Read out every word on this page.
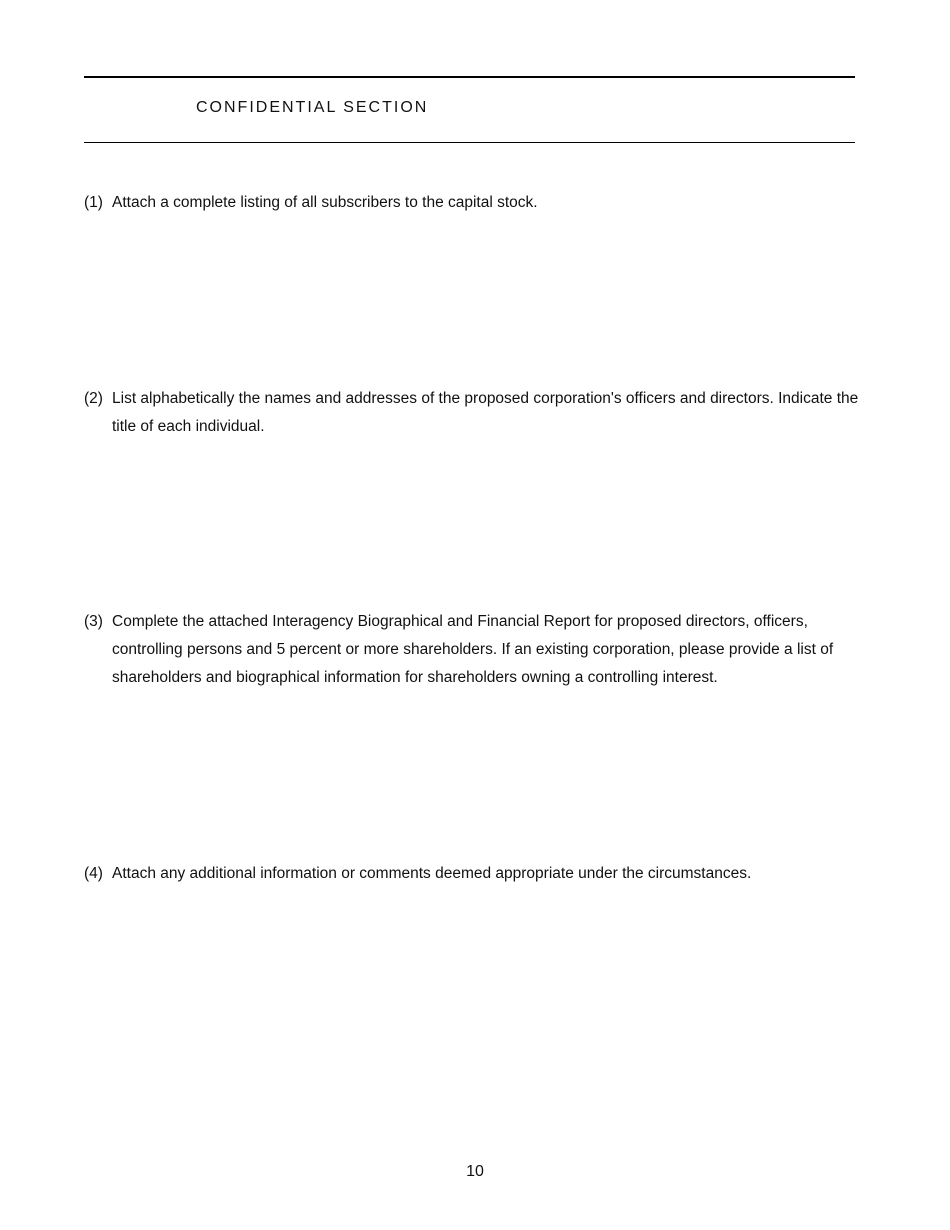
CONFIDENTIAL SECTION
(1) Attach a complete listing of all subscribers to the capital stock.
(2) List alphabetically the names and addresses of the proposed corporation's officers and directors. Indicate the title of each individual.
(3) Complete the attached Interagency Biographical and Financial Report for proposed directors, officers, controlling persons and 5 percent or more shareholders. If an existing corporation, please provide a list of shareholders and biographical information for shareholders owning a controlling interest.
(4) Attach any additional information or comments deemed appropriate under the circumstances.
10
